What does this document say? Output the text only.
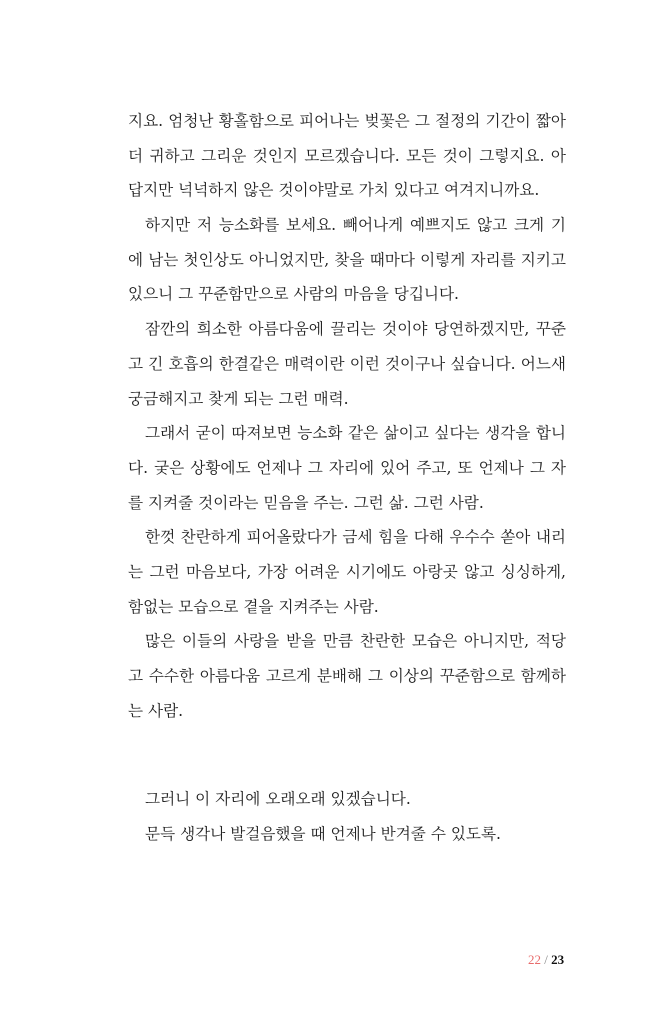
지요. 엄청난 황홀함으로 피어나는 벚꽃은 그 절정의 기간이 짧아
더 귀하고 그리운 것인지 모르겠습니다. 모든 것이 그렇지요. 아
답지만 넉넉하지 않은 것이야말로 가치 있다고 여겨지니까요.
하지만 저 능소화를 보세요. 빼어나게 예쁘지도 않고 크게 기
에 남는 첫인상도 아니었지만, 찾을 때마다 이렇게 자리를 지키고
있으니 그 꾸준함만으로 사람의 마음을 당깁니다.
잠깐의 희소한 아름다움에 끌리는 것이야 당연하겠지만, 꾸준
고 긴 호흡의 한결같은 매력이란 이런 것이구나 싶습니다. 어느새
궁금해지고 찾게 되는 그런 매력.
그래서 굳이 따져보면 능소화 같은 삶이고 싶다는 생각을 합니
다. 궂은 상황에도 언제나 그 자리에 있어 주고, 또 언제나 그 자
를 지켜줄 것이라는 믿음을 주는. 그런 삶. 그런 사람.
한껏 찬란하게 피어올랐다가 금세 힘을 다해 우수수 쏟아 내리
는 그런 마음보다, 가장 어려운 시기에도 아랑곳 않고 싱싱하게,
함없는 모습으로 곁을 지켜주는 사람.
많은 이들의 사랑을 받을 만큼 찬란한 모습은 아니지만, 적당
고 수수한 아름다움 고르게 분배해 그 이상의 꾸준함으로 함께하
는 사람.
그러니 이 자리에 오래오래 있겠습니다.
문득 생각나 발걸음했을 때 언제나 반겨줄 수 있도록.
22 / 23
